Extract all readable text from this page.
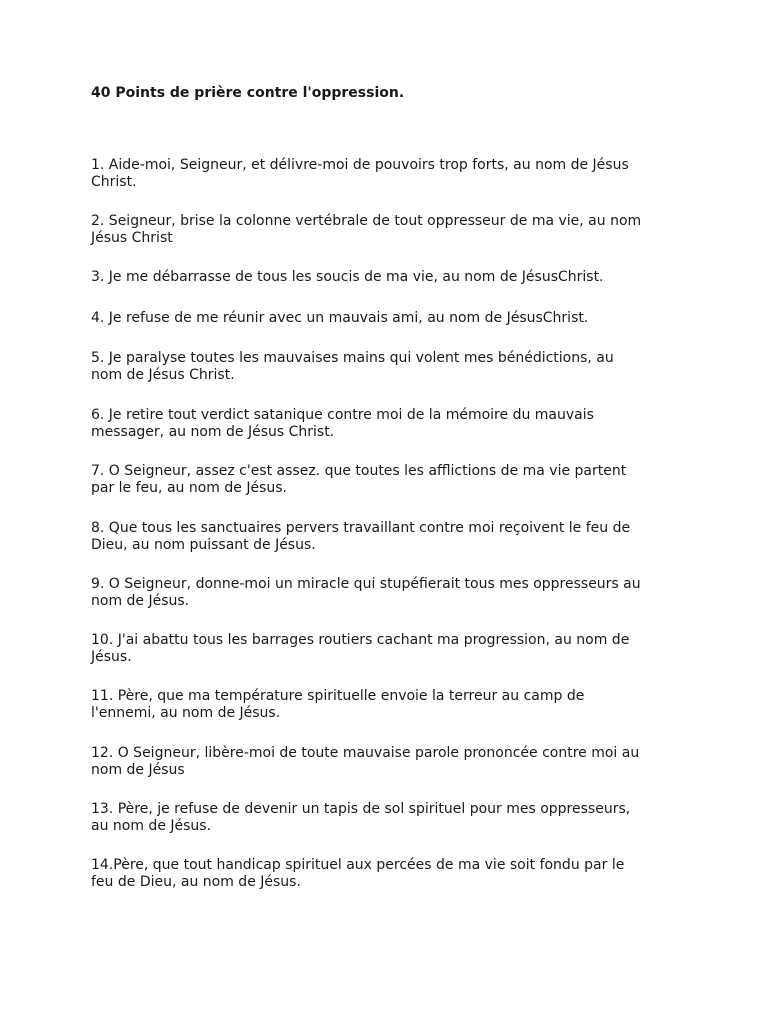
40 Points de prière contre l'oppression.
1. Aide-moi, Seigneur, et délivre-moi de pouvoirs trop forts, au nom de Jésus
Christ.
2. Seigneur, brise la colonne vertébrale de tout oppresseur de ma vie, au nom
Jésus Christ
3. Je me débarrasse de tous les soucis de ma vie, au nom de JésusChrist.
4. Je refuse de me réunir avec un mauvais ami, au nom de JésusChrist.
5. Je paralyse toutes les mauvaises mains qui volent mes bénédictions, au
nom de Jésus Christ.
6. Je retire tout verdict satanique contre moi de la mémoire du mauvais
messager, au nom de Jésus Christ.
7. O Seigneur, assez c'est assez. que toutes les afflictions de ma vie partent
par le feu, au nom de Jésus.
8. Que tous les sanctuaires pervers travaillant contre moi reçoivent le feu de
Dieu, au nom puissant de Jésus.
9. O Seigneur, donne-moi un miracle qui stupéfierait tous mes oppresseurs au
nom de Jésus.
10. J'ai abattu tous les barrages routiers cachant ma progression, au nom de
Jésus.
11. Père, que ma température spirituelle envoie la terreur au camp de
l'ennemi, au nom de Jésus.
12. O Seigneur, libère-moi de toute mauvaise parole prononcée contre moi au
nom de Jésus
13. Père, je refuse de devenir un tapis de sol spirituel pour mes oppresseurs,
au nom de Jésus.
14.Père, que tout handicap spirituel aux percées de ma vie soit fondu par le
feu de Dieu, au nom de Jésus.
